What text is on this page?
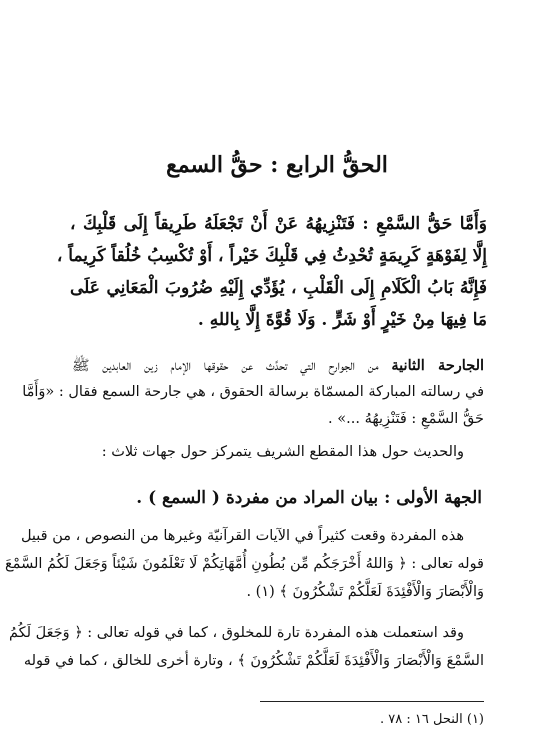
الحقُّ الرابع : حقُّ السمع
وَأَمَّا حَقُّ السَّمْعِ : فَتَنْزِيهُهُ عَنْ أَنْ تَجْعَلَهُ طَرِيقاً إِلَى قَلْبِكَ ،
إِلَّا لِفَوْهَةٍ كَرِيمَةٍ تُحْدِثُ فِي قَلْبِكَ خَيْراً ، أَوْ تُكْسِبُ خُلُقاً كَرِيماً ،
فَإِنَّهُ بَابُ الْكَلَامِ إِلَى الْقَلْبِ ، يُؤَدِّي إِلَيْهِ ضُرُوبَ الْمَعَانِي عَلَى
مَا فِيهَا مِنْ خَيْرٍ أَوْ شَرٍّ . وَلَا قُوَّةَ إِلَّا بِاللهِ .
الجارحة الثانية من الجوارح التي تحدَّث عن حقوقها الإمام زين العابدين ﷺ
في رسالته المباركة المسمّاة برسالة الحقوق ، هي جارحة السمع فقال : «وَأَمَّا
حَقُّ السَّمْعِ : فَتَنْزِيهُهُ ...» .
والحديث حول هذا المقطع الشريف يتمركز حول جهات ثلاث :
الجهة الأولى : بيان المراد من مفردة ( السمع ) .
هذه المفردة وقعت كثيراً في الآيات القرآنيّة وغيرها من النصوص ، من قبيل
قوله تعالى : ﴿ وَاللهُ أَخْرَجَكُم مِّن بُطُونِ أُمَّهَاتِكُمْ لَا تَعْلَمُونَ شَيْئاً وَجَعَلَ لَكُمُ السَّمْعَ
وَالْأَبْصَارَ وَالْأَفْئِدَةَ لَعَلَّكُمْ تَشْكُرُونَ ﴾ (١) .
وقد استعملت هذه المفردة تارة للمخلوق ، كما في قوله تعالى : ﴿ وَجَعَلَ لَكُمُ
السَّمْعَ وَالْأَبْصَارَ وَالْأَفْئِدَةَ لَعَلَّكُمْ تَشْكُرُونَ ﴾ ، وتارة أخرى للخالق ، كما في قوله
(١) النحل ١٦ : ٧٨ .
